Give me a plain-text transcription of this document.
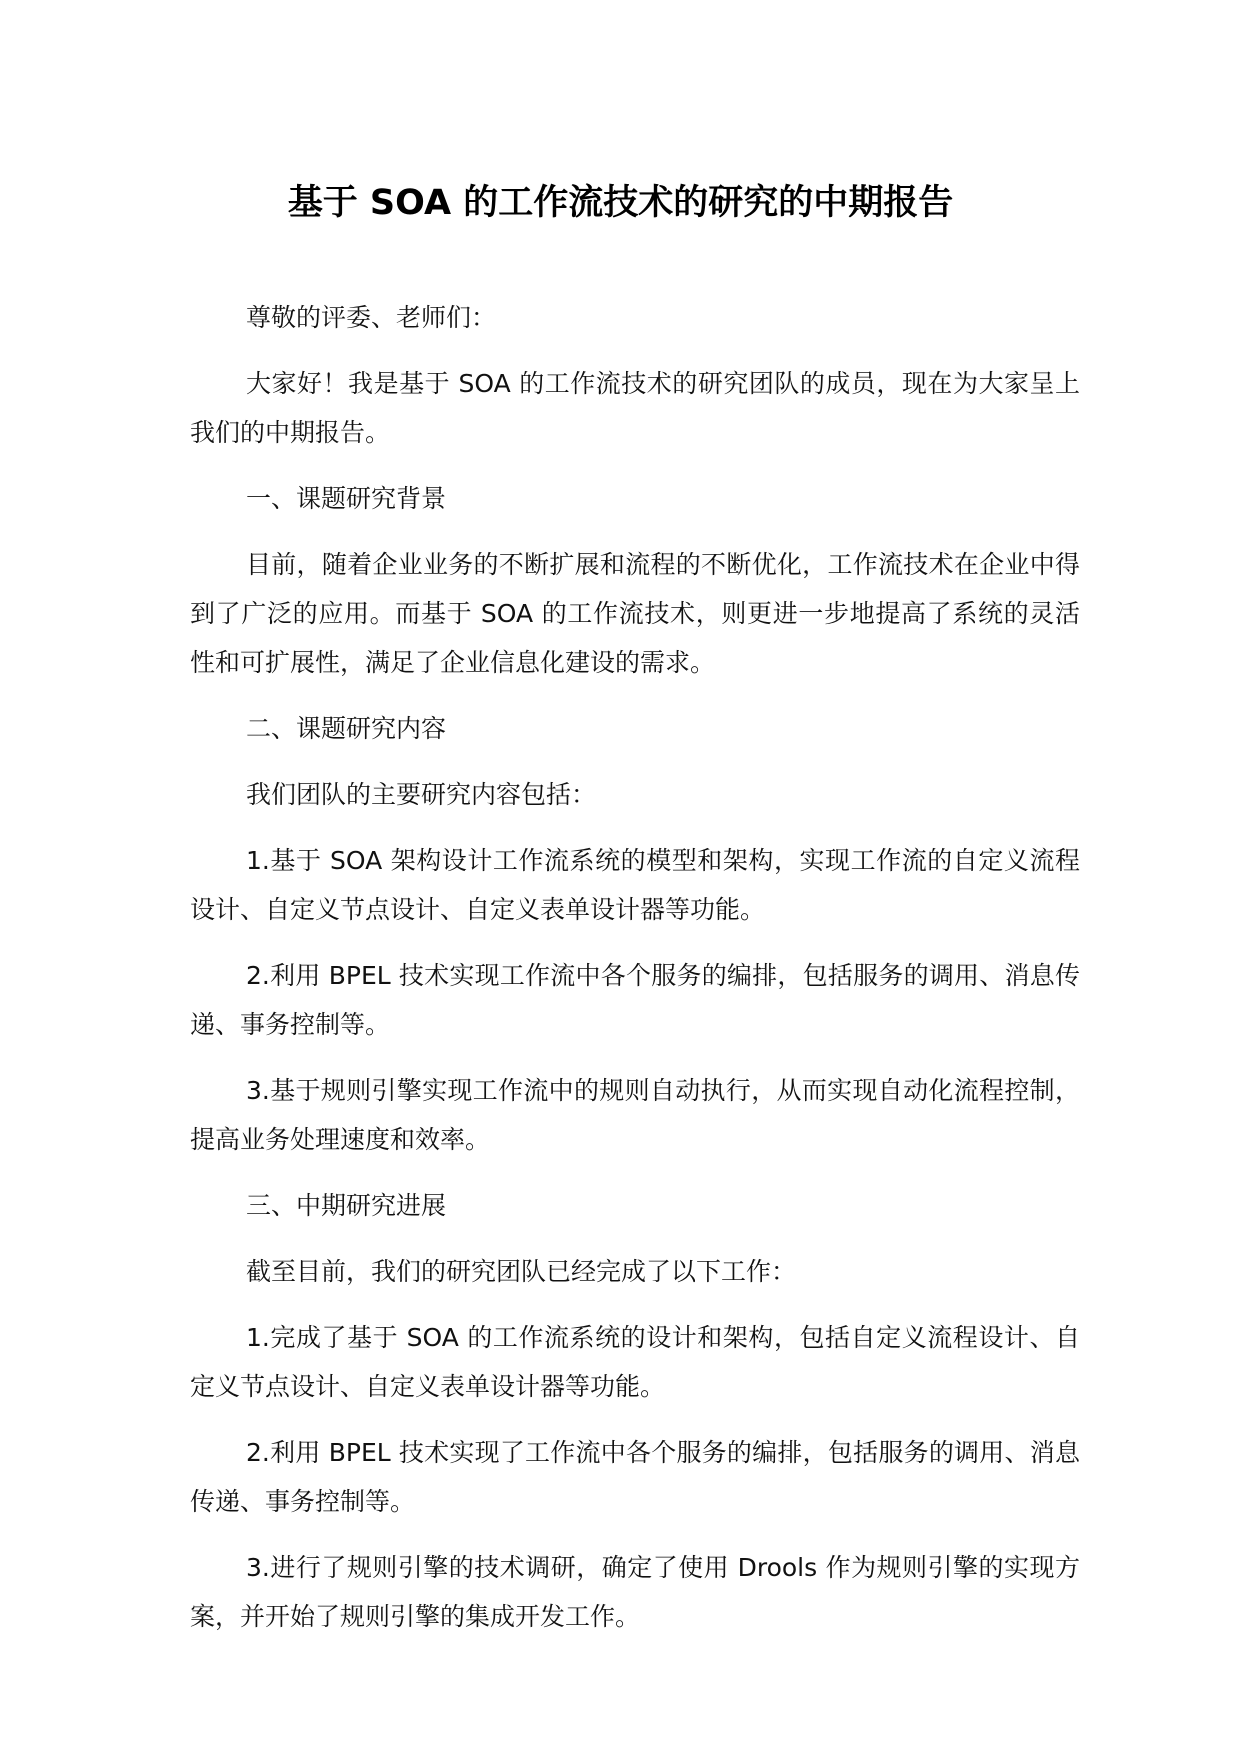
基于 SOA 的工作流技术的研究的中期报告

尊敬的评委、老师们：

大家好！我是基于 SOA 的工作流技术的研究团队的成员，现在为大家呈上我们的中期报告。

一、课题研究背景

目前，随着企业业务的不断扩展和流程的不断优化，工作流技术在企业中得到了广泛的应用。而基于 SOA 的工作流技术，则更进一步地提高了系统的灵活性和可扩展性，满足了企业信息化建设的需求。

二、课题研究内容

我们团队的主要研究内容包括：

1.基于 SOA 架构设计工作流系统的模型和架构，实现工作流的自定义流程设计、自定义节点设计、自定义表单设计器等功能。

2.利用 BPEL 技术实现工作流中各个服务的编排，包括服务的调用、消息传递、事务控制等。

3.基于规则引擎实现工作流中的规则自动执行，从而实现自动化流程控制，提高业务处理速度和效率。

三、中期研究进展

截至目前，我们的研究团队已经完成了以下工作：

1.完成了基于 SOA 的工作流系统的设计和架构，包括自定义流程设计、自定义节点设计、自定义表单设计器等功能。

2.利用 BPEL 技术实现了工作流中各个服务的编排，包括服务的调用、消息传递、事务控制等。

3.进行了规则引擎的技术调研，确定了使用 Drools 作为规则引擎的实现方案，并开始了规则引擎的集成开发工作。
